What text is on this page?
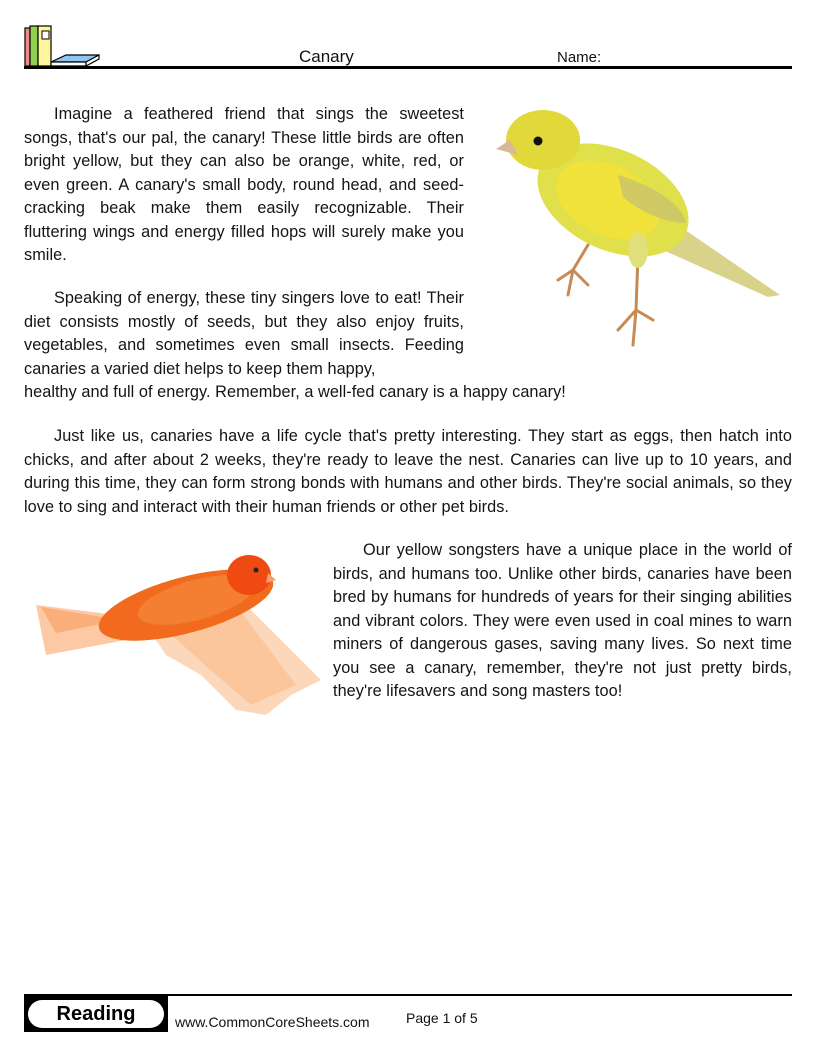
Canary	Name:

Imagine a feathered friend that sings the sweetest songs, that's our pal, the canary! These little birds are often bright yellow, but they can also be orange, white, red, or even green. A canary's small body, round head, and seed-cracking beak make them easily recognizable. Their fluttering wings and energy filled hops will surely make you smile.

Speaking of energy, these tiny singers love to eat! Their diet consists mostly of seeds, but they also enjoy fruits, vegetables, and sometimes even small insects. Feeding canaries a varied diet helps to keep them happy,

healthy and full of energy. Remember, a well-fed canary is a happy canary!

Just like us, canaries have a life cycle that's pretty interesting. They start as eggs, then hatch into chicks, and after about 2 weeks, they're ready to leave the nest. Canaries can live up to 10 years, and during this time, they can form strong bonds with humans and other birds. They're social animals, so they love to sing and interact with their human friends or other pet birds.

Our yellow songsters have a unique place in the world of birds, and humans too. Unlike other birds, canaries have been bred by humans for hundreds of years for their singing abilities and vibrant colors. They were even used in coal mines to warn miners of dangerous gases, saving many lives. So next time you see a canary, remember, they're not just pretty birds, they're lifesavers and song masters too!

Reading	www.CommonCoreSheets.com	Page 1 of 5
